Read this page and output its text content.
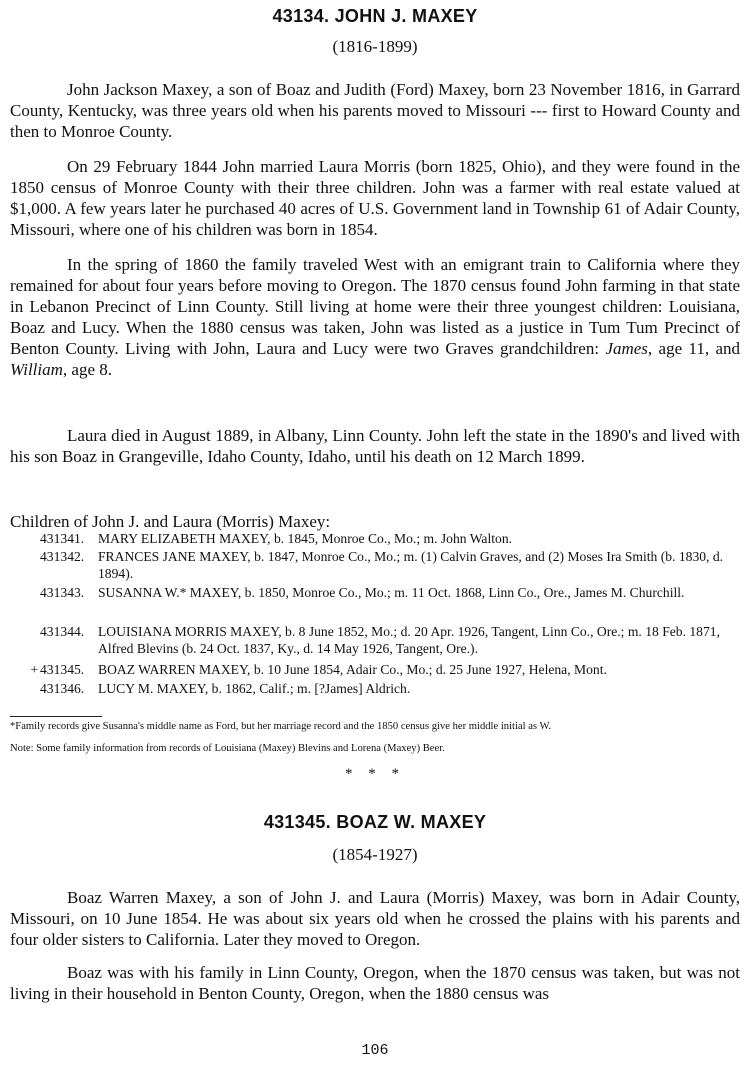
43134. JOHN J. MAXEY

(1816-1899)

John Jackson Maxey, a son of Boaz and Judith (Ford) Maxey, born 23 November 1816, in Garrard County, Kentucky, was three years old when his parents moved to Missouri --- first to Howard County and then to Monroe County.

On 29 February 1844 John married Laura Morris (born 1825, Ohio), and they were found in the 1850 census of Monroe County with their three children. John was a farmer with real estate valued at $1,000. A few years later he purchased 40 acres of U.S. Government land in Township 61 of Adair County, Missouri, where one of his children was born in 1854.

In the spring of 1860 the family traveled West with an emigrant train to California where they remained for about four years before moving to Oregon. The 1870 census found John farming in that state in Lebanon Precinct of Linn County. Still living at home were their three youngest children: Louisiana, Boaz and Lucy. When the 1880 census was taken, John was listed as a justice in Tum Tum Precinct of Benton County. Living with John, Laura and Lucy were two Graves grandchildren: James, age 11, and William, age 8.

Laura died in August 1889, in Albany, Linn County. John left the state in the 1890's and lived with his son Boaz in Grangeville, Idaho County, Idaho, until his death on 12 March 1899.

Children of John J. and Laura (Morris) Maxey:

431341.	MARY ELIZABETH MAXEY, b. 1845, Monroe Co., Mo.; m. John Walton.
431342.	FRANCES JANE MAXEY, b. 1847, Monroe Co., Mo.; m. (1) Calvin Graves, and (2) Moses Ira Smith (b. 1830, d. 1894).
431343.	SUSANNA W.* MAXEY, b. 1850, Monroe Co., Mo.; m. 11 Oct. 1868, Linn Co., Ore., James M. Churchill.
431344.	LOUISIANA MORRIS MAXEY, b. 8 June 1852, Mo.; d. 20 Apr. 1926, Tangent, Linn Co., Ore.; m. 18 Feb. 1871, Alfred Blevins (b. 24 Oct. 1837, Ky., d. 14 May 1926, Tangent, Ore.).
+ 431345.	BOAZ WARREN MAXEY, b. 10 June 1854, Adair Co., Mo.; d. 25 June 1927, Helena, Mont.
431346.	LUCY M. MAXEY, b. 1862, Calif.; m. [?James] Aldrich.

*Family records give Susanna's middle name as Ford, but her marriage record and the 1850 census give her middle initial as W.

Note: Some family information from records of Louisiana (Maxey) Blevins and Lorena (Maxey) Beer.

* * *

431345. BOAZ W. MAXEY

(1854-1927)

Boaz Warren Maxey, a son of John J. and Laura (Morris) Maxey, was born in Adair County, Missouri, on 10 June 1854. He was about six years old when he crossed the plains with his parents and four older sisters to California. Later they moved to Oregon.

Boaz was with his family in Linn County, Oregon, when the 1870 census was taken, but was not living in their household in Benton County, Oregon, when the 1880 census was

106
